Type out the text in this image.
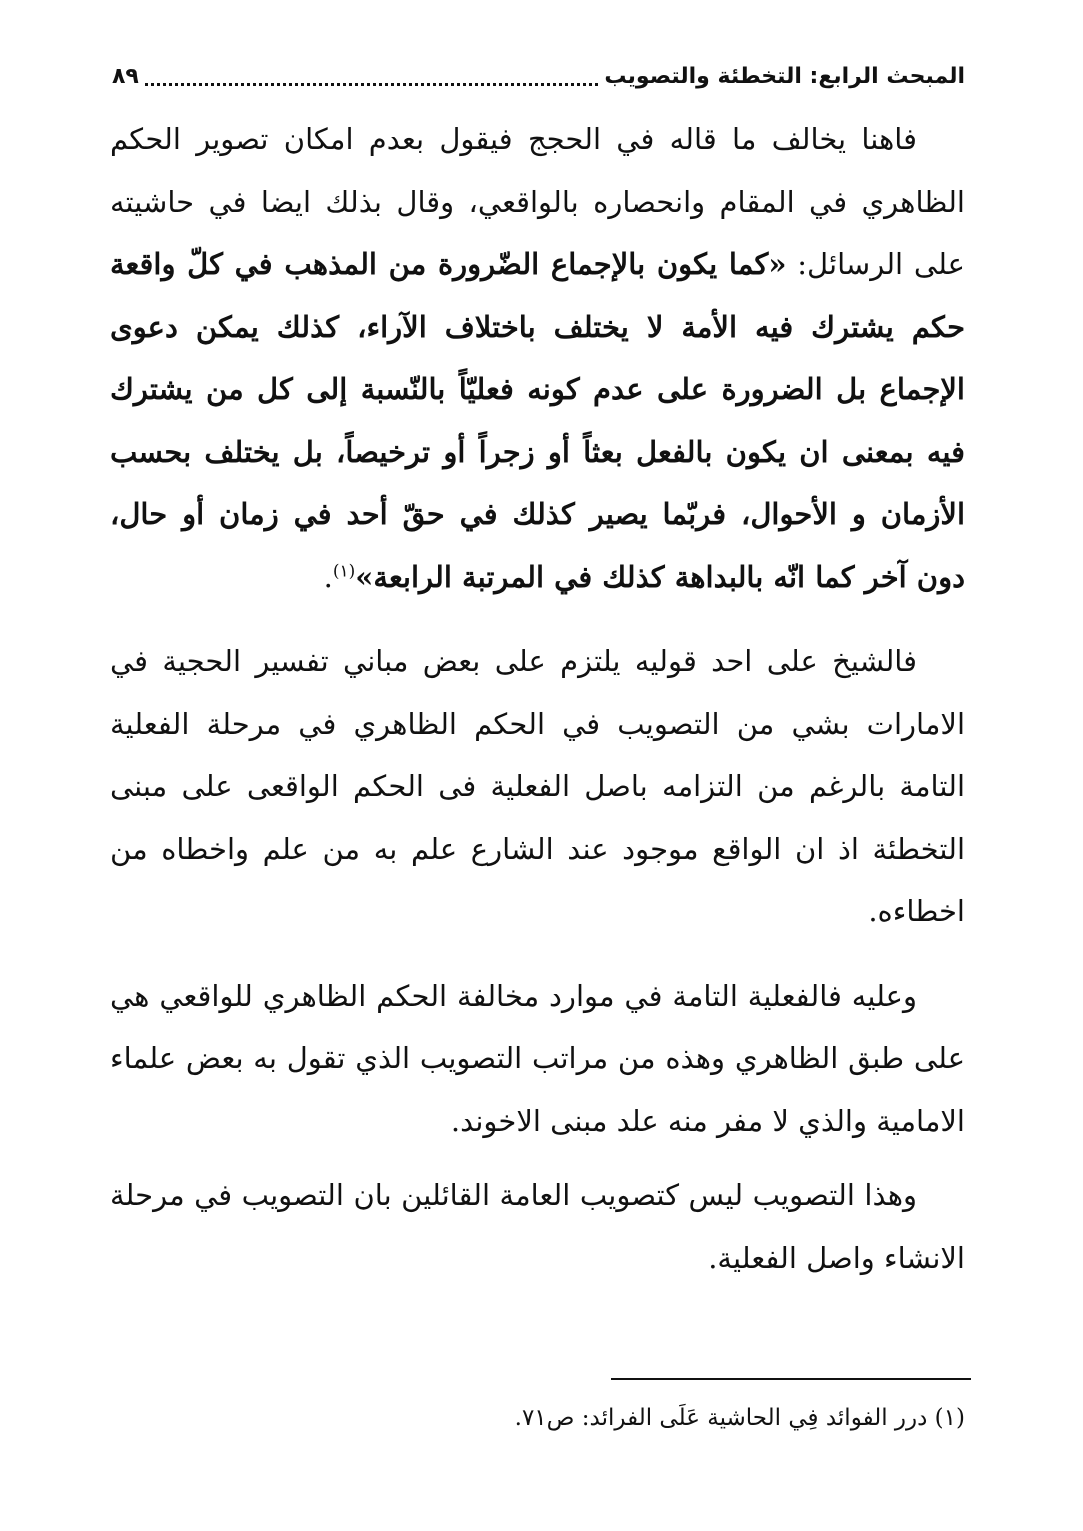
المبحث الرابع: التخطئة والتصويب
٨٩

فاهنا يخالف ما قاله في الحجج فيقول بعدم امكان تصوير الحكم الظاهري في المقام وانحصاره بالواقعي، وقال بذلك ايضا في حاشيته على الرسائل: «كما يكون بالإجماع الضّرورة من المذهب في كلّ واقعة حكم يشترك فيه الأمة لا يختلف باختلاف الآراء، كذلك يمكن دعوى الإجماع بل الضرورة على عدم كونه فعليّاً بالنّسبة إلى كل من يشترك فيه بمعنى ان يكون بالفعل بعثاً أو زجراً أو ترخيصاً، بل يختلف بحسب الأزمان و الأحوال، فربّما يصير كذلك في حقّ أحد في زمان أو حال، دون آخر كما انّه بالبداهة كذلك في المرتبة الرابعة»$^{(١)}$.

فالشيخ على احد قوليه يلتزم على بعض مباني تفسير الحجية في الامارات بشي من التصويب في الحكم الظاهري في مرحلة الفعلية التامة بالرغم من التزامه باصل الفعلية فى الحكم الواقعى على مبنى التخطئة اذ ان الواقع موجود عند الشارع علم به من علم واخطاه من اخطاءه.

وعليه فالفعلية التامة في موارد مخالفة الحكم الظاهري للواقعي هي على طبق الظاهري وهذه من مراتب التصويب الذي تقول به بعض علماء الامامية والذي لا مفر منه علد مبنى الاخوند.

وهذا التصويب ليس كتصويب العامة القائلين بان التصويب في مرحلة الانشاء واصل الفعلية.

(١) درر الفوائد فِي الحاشية عَلَى الفرائد: ص٧١.
